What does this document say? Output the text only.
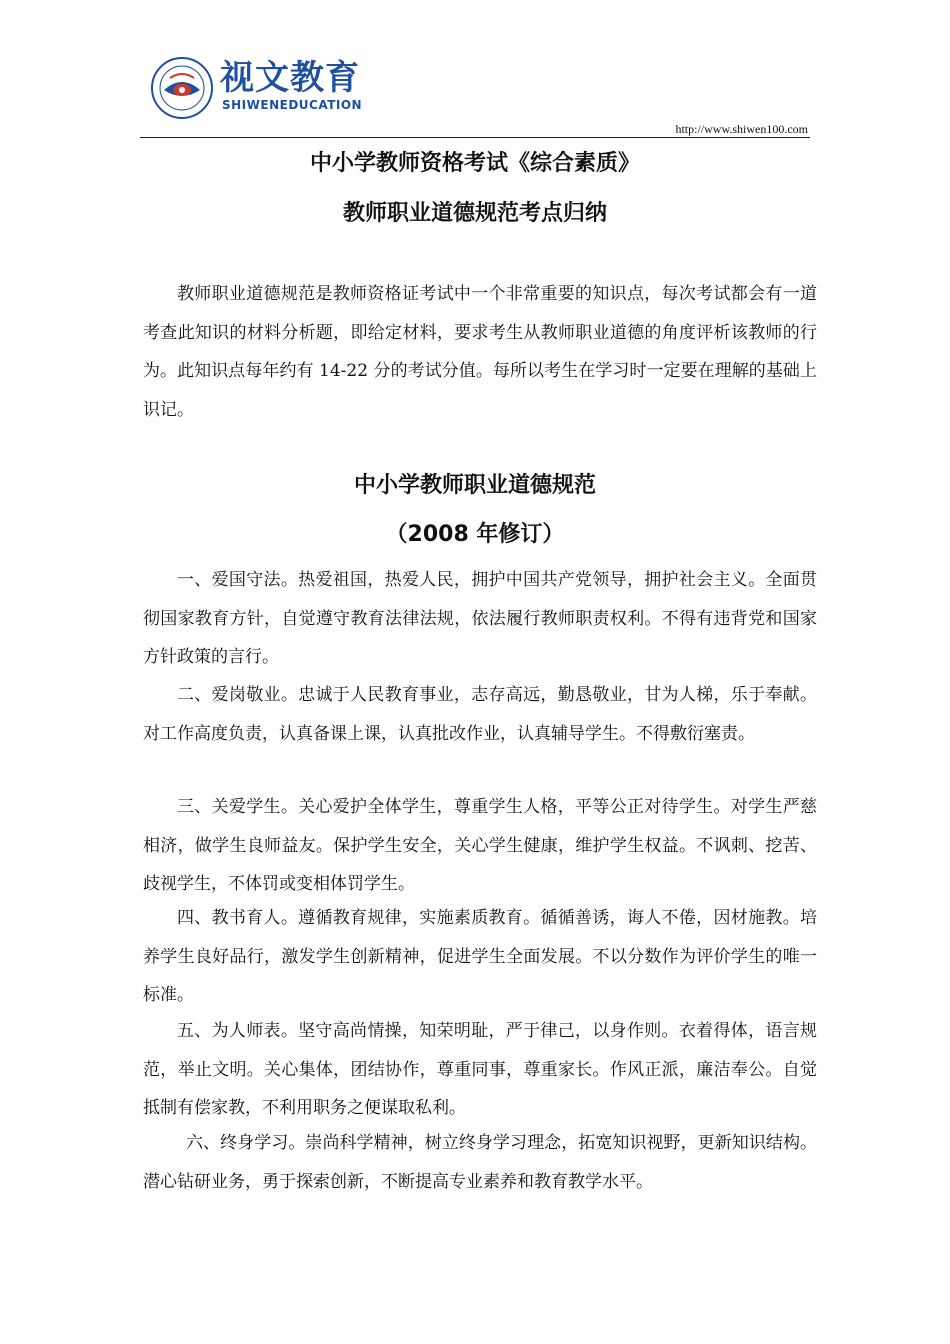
视文教育
SHIWENEDUCATION
http://www.shiwen100.com
中小学教师资格考试《综合素质》
教师职业道德规范考点归纳

教师职业道德规范是教师资格证考试中一个非常重要的知识点，每次考试都会有一道考查此知识的材料分析题，即给定材料，要求考生从教师职业道德的角度评析该教师的行为。此知识点每年约有 14-22 分的考试分值。每所以考生在学习时一定要在理解的基础上识记。

中小学教师职业道德规范
（2008 年修订）

一、爱国守法。热爱祖国，热爱人民，拥护中国共产党领导，拥护社会主义。全面贯彻国家教育方针，自觉遵守教育法律法规，依法履行教师职责权利。不得有违背党和国家方针政策的言行。

二、爱岗敬业。忠诚于人民教育事业，志存高远，勤恳敬业，甘为人梯，乐于奉献。对工作高度负责，认真备课上课，认真批改作业，认真辅导学生。不得敷衍塞责。

三、关爱学生。关心爱护全体学生，尊重学生人格，平等公正对待学生。对学生严慈相济，做学生良师益友。保护学生安全，关心学生健康，维护学生权益。不讽刺、挖苦、歧视学生，不体罚或变相体罚学生。

四、教书育人。遵循教育规律，实施素质教育。循循善诱，诲人不倦，因材施教。培养学生良好品行，激发学生创新精神，促进学生全面发展。不以分数作为评价学生的唯一标准。

五、为人师表。坚守高尚情操，知荣明耻，严于律己，以身作则。衣着得体，语言规范，举止文明。关心集体，团结协作，尊重同事，尊重家长。作风正派，廉洁奉公。自觉抵制有偿家教，不利用职务之便谋取私利。

六、终身学习。崇尚科学精神，树立终身学习理念，拓宽知识视野，更新知识结构。潜心钻研业务，勇于探索创新，不断提高专业素养和教育教学水平。
